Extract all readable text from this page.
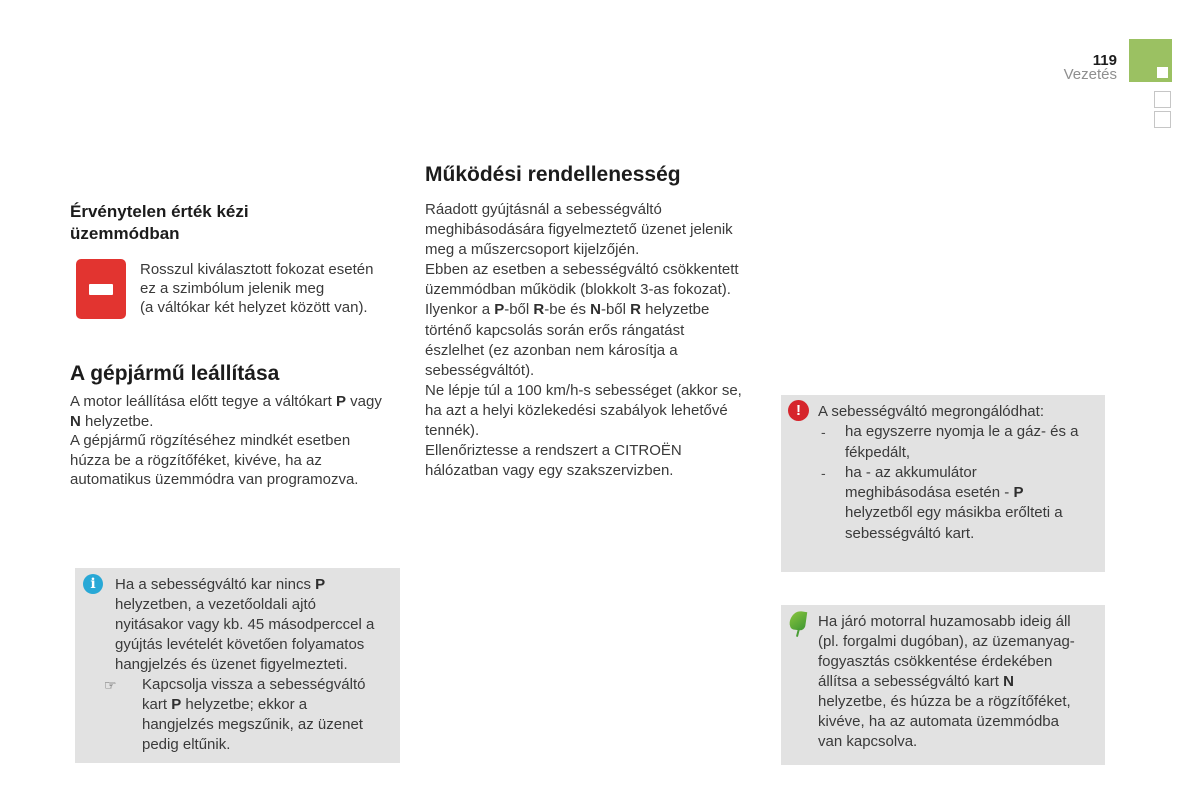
119
Vezetés
Érvénytelen érték kézi
üzemmódban
Rosszul kiválasztott fokozat esetén
ez a szimbólum jelenik meg
(a váltókar két helyzet között van).
A gépjármű leállítása
A motor leállítása előtt tegye a váltókart P vagy
N helyzetbe.
A gépjármű rögzítéséhez mindkét esetben
húzza be a rögzítőféket, kivéve, ha az
automatikus üzemmódra van programozva.
i	Ha a sebességváltó kar nincs P
helyzetben, a vezetőoldali ajtó
nyitásakor vagy kb. 45 másodperccel a
gyújtás levételét követően folyamatos
hangjelzés és üzenet figyelmezteti.
☞ Kapcsolja vissza a sebességváltó
kart P helyzetbe; ekkor a
hangjelzés megszűnik, az üzenet
pedig eltűnik.
Működési rendellenesség
Ráadott gyújtásnál a sebességváltó
meghibásodására figyelmeztető üzenet jelenik
meg a műszercsoport kijelzőjén.
Ebben az esetben a sebességváltó csökkentett
üzemmódban működik (blokkolt 3-as fokozat).
Ilyenkor a P-ből R-be és N-ből R helyzetbe
történő kapcsolás során erős rángatást
észlelhet (ez azonban nem károsítja a
sebességváltót).
Ne lépje túl a 100 km/h-s sebességet (akkor se,
ha azt a helyi közlekedési szabályok lehetővé
tennék).
Ellenőriztesse a rendszert a CITROËN
hálózatban vagy egy szakszervizben.
!	A sebességváltó megrongálódhat:
- ha egyszerre nyomja le a gáz- és a
fékpedált,
- ha - az akkumulátor
meghibásodása esetén - P
helyzetből egy másikba erőlteti a
sebességváltó kart.
Ha járó motorral huzamosabb ideig áll
(pl. forgalmi dugóban), az üzemanyag-
fogyasztás csökkentése érdekében
állítsa a sebességváltó kart N
helyzetbe, és húzza be a rögzítőféket,
kivéve, ha az automata üzemmódba
van kapcsolva.
